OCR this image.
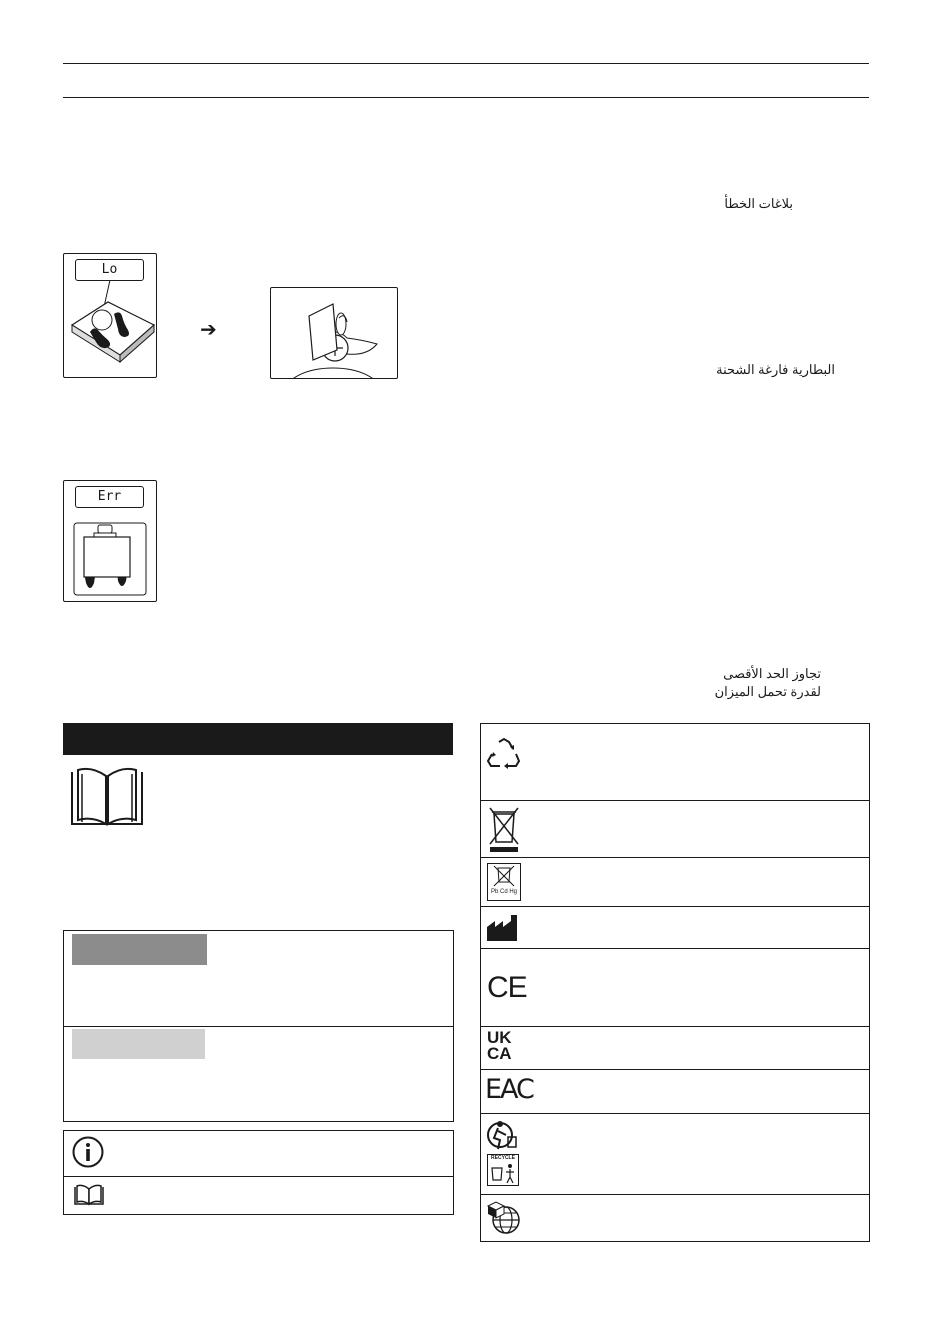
بلاغات الخطأ
البطارية فارغة الشحنة
تجاوز الحد الأقصى
لقدرة تحمل الميزان
Lo
➔
Err
Pb Cd Hg
CE
UK
CA
EAC
RECYCLE
